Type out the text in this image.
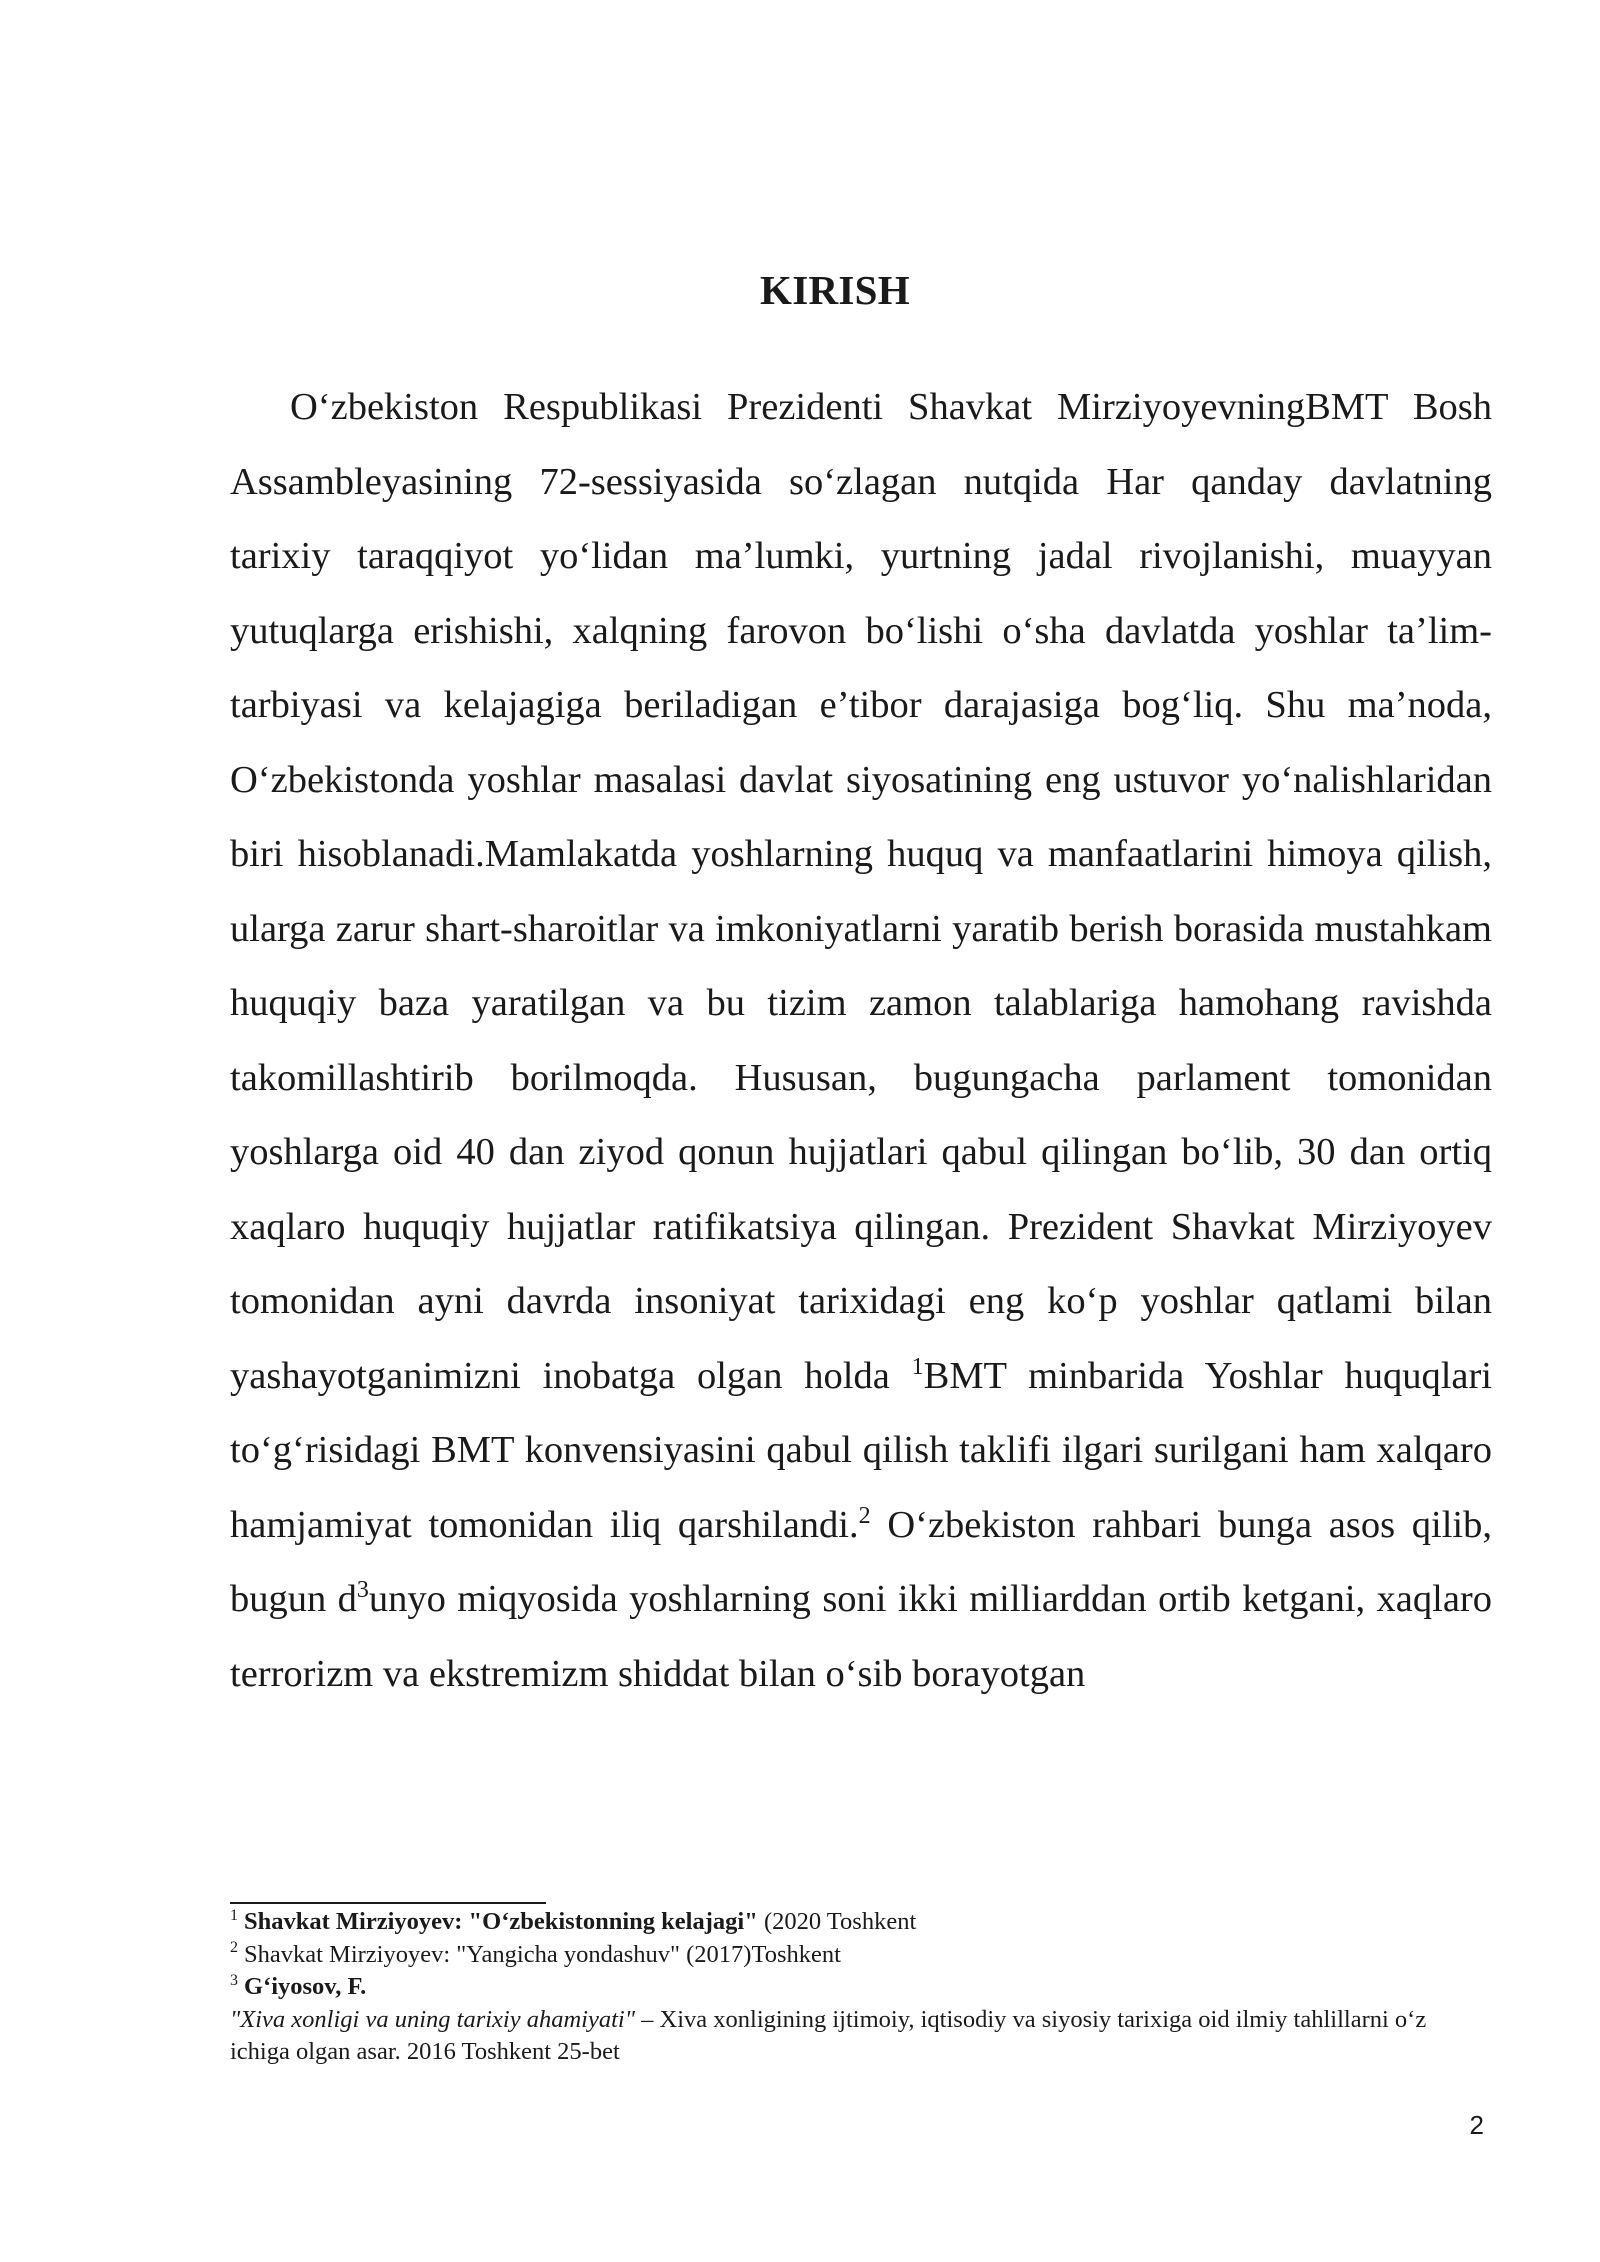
KIRISH

O‘zbekiston Respublikasi Prezidenti Shavkat MirziyoyevningBMT Bosh Assambleyasining 72-sessiyasida so‘zlagan nutqida Har qanday davlatning tarixiy taraqqiyot yo‘lidan ma’lumki, yurtning jadal rivojlanishi, muayyan yutuqlarga erishishi, xalqning farovon bo‘lishi o‘sha davlatda yoshlar ta’lim-tarbiyasi va kelajagiga beriladigan e’tibor darajasiga bog‘liq. Shu ma’noda, O‘zbekistonda yoshlar masalasi davlat siyosatining eng ustuvor yo‘nalishlaridan biri hisoblanadi.Mamlakatda yoshlarning huquq va manfaatlarini himoya qilish, ularga zarur shart-sharoitlar va imkoniyatlarni yaratib berish borasida mustahkam huquqiy baza yaratilgan va bu tizim zamon talablariga hamohang ravishda takomillashtirib borilmoqda. Hususan, bugungacha parlament tomonidan yoshlarga oid 40 dan ziyod qonun hujjatlari qabul qilingan bo‘lib, 30 dan ortiq xaqlaro huquqiy hujjatlar ratifikatsiya qilingan. Prezident Shavkat Mirziyoyev tomonidan ayni davrda insoniyat tarixidagi eng ko‘p yoshlar qatlami bilan yashayotganimizni inobatga olgan holda $^1$BMT minbarida Yoshlar huquqlari to‘g‘risidagi BMT konvensiyasini qabul qilish taklifi ilgari surilgani ham xalqaro hamjamiyat tomonidan iliq qarshilandi.$^2$ O‘zbekiston rahbari bunga asos qilib, bugun $d^3unyo$ miqyosida yoshlarning soni ikki milliarddan ortib ketgani, xaqlaro terrorizm va ekstremizm shiddat bilan o‘sib borayotgan

$^1$ Shavkat Mirziyoyev: "O‘zbekistonning kelajagi" (2020 Toshkent

$^2$ Shavkat Mirziyoyev: "Yangicha yondashuv" (2017)Toshkent

$^3$ G‘iyosov, F.

"Xiva xonligi va uning tarixiy ahamiyati" – Xiva xonligining ijtimoiy, iqtisodiy va siyosiy tarixiga oid ilmiy tahlillarni o‘z ichiga olgan asar. 2016 Toshkent 25-bet

2
